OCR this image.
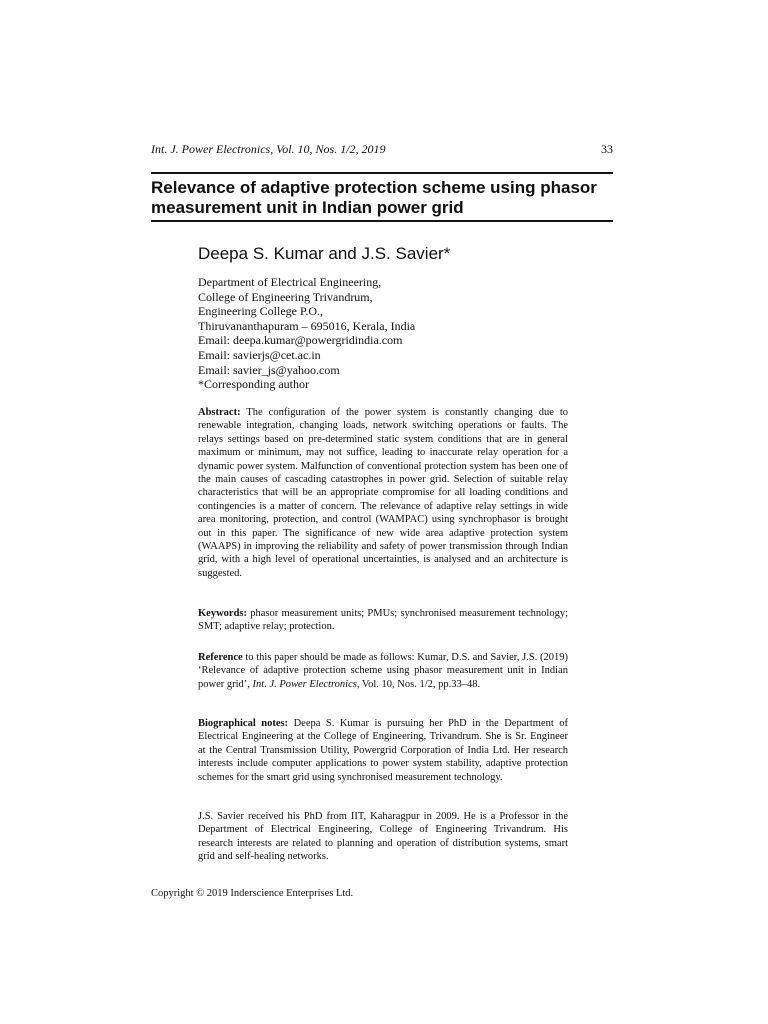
Int. J. Power Electronics, Vol. 10, Nos. 1/2, 2019	33
Relevance of adaptive protection scheme using phasor measurement unit in Indian power grid
Deepa S. Kumar and J.S. Savier*
Department of Electrical Engineering,
College of Engineering Trivandrum,
Engineering College P.O.,
Thiruvananthapuram – 695016, Kerala, India
Email: deepa.kumar@powergridindia.com
Email: savierjs@cet.ac.in
Email: savier_js@yahoo.com
*Corresponding author
Abstract: The configuration of the power system is constantly changing due to renewable integration, changing loads, network switching operations or faults. The relays settings based on pre-determined static system conditions that are in general maximum or minimum, may not suffice, leading to inaccurate relay operation for a dynamic power system. Malfunction of conventional protection system has been one of the main causes of cascading catastrophes in power grid. Selection of suitable relay characteristics that will be an appropriate compromise for all loading conditions and contingencies is a matter of concern. The relevance of adaptive relay settings in wide area monitoring, protection, and control (WAMPAC) using synchrophasor is brought out in this paper. The significance of new wide area adaptive protection system (WAAPS) in improving the reliability and safety of power transmission through Indian grid, with a high level of operational uncertainties, is analysed and an architecture is suggested.
Keywords: phasor measurement units; PMUs; synchronised measurement technology; SMT; adaptive relay; protection.
Reference to this paper should be made as follows: Kumar, D.S. and Savier, J.S. (2019) ‘Relevance of adaptive protection scheme using phasor measurement unit in Indian power grid’, Int. J. Power Electronics, Vol. 10, Nos. 1/2, pp.33–48.
Biographical notes: Deepa S. Kumar is pursuing her PhD in the Department of Electrical Engineering at the College of Engineering, Trivandrum. She is Sr. Engineer at the Central Transmission Utility, Powergrid Corporation of India Ltd. Her research interests include computer applications to power system stability, adaptive protection schemes for the smart grid using synchronised measurement technology.
J.S. Savier received his PhD from IIT, Kaharagpur in 2009. He is a Professor in the Department of Electrical Engineering, College of Engineering Trivandrum. His research interests are related to planning and operation of distribution systems, smart grid and self-healing networks.
Copyright © 2019 Inderscience Enterprises Ltd.
